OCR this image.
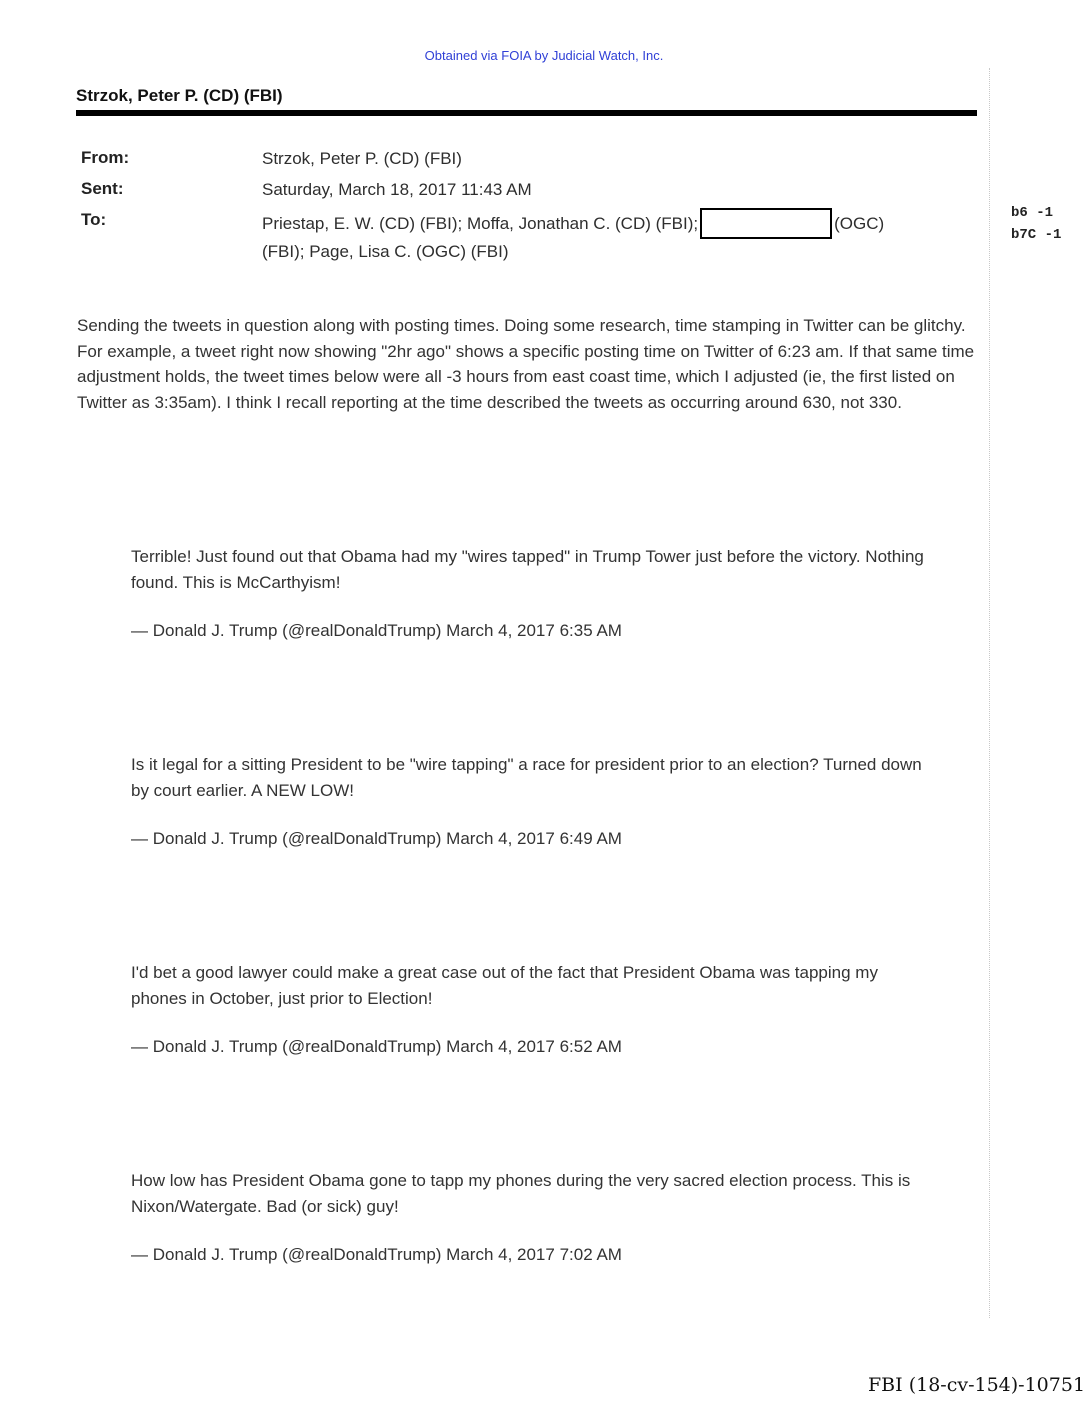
Obtained via FOIA by Judicial Watch, Inc.
Strzok, Peter P. (CD) (FBI)
From:	Strzok, Peter P. (CD) (FBI)
Sent:	Saturday, March 18, 2017 11:43 AM
To:	Priestap, E. W. (CD) (FBI); Moffa, Jonathan C. (CD) (FBI);	(OGC)
(FBI); Page, Lisa C. (OGC) (FBI)
b6 -1
b7C -1
Sending the tweets in question along with posting times. Doing some research, time stamping in Twitter can be glitchy. For example, a tweet right now showing "2hr ago" shows a specific posting time on Twitter of 6:23 am. If that same time adjustment holds, the tweet times below were all -3 hours from east coast time, which I adjusted (ie, the first listed on Twitter as 3:35am). I think I recall reporting at the time described the tweets as occurring around 630, not 330.
Terrible! Just found out that Obama had my "wires tapped" in Trump Tower just before the victory. Nothing found. This is McCarthyism!
— Donald J. Trump (@realDonaldTrump) March 4, 2017 6:35 AM
Is it legal for a sitting President to be "wire tapping" a race for president prior to an election? Turned down by court earlier. A NEW LOW!
— Donald J. Trump (@realDonaldTrump) March 4, 2017 6:49 AM
I'd bet a good lawyer could make a great case out of the fact that President Obama was tapping my phones in October, just prior to Election!
— Donald J. Trump (@realDonaldTrump) March 4, 2017 6:52 AM
How low has President Obama gone to tapp my phones during the very sacred election process. This is Nixon/Watergate. Bad (or sick) guy!
— Donald J. Trump (@realDonaldTrump) March 4, 2017 7:02 AM
FBI (18-cv-154)-10751
